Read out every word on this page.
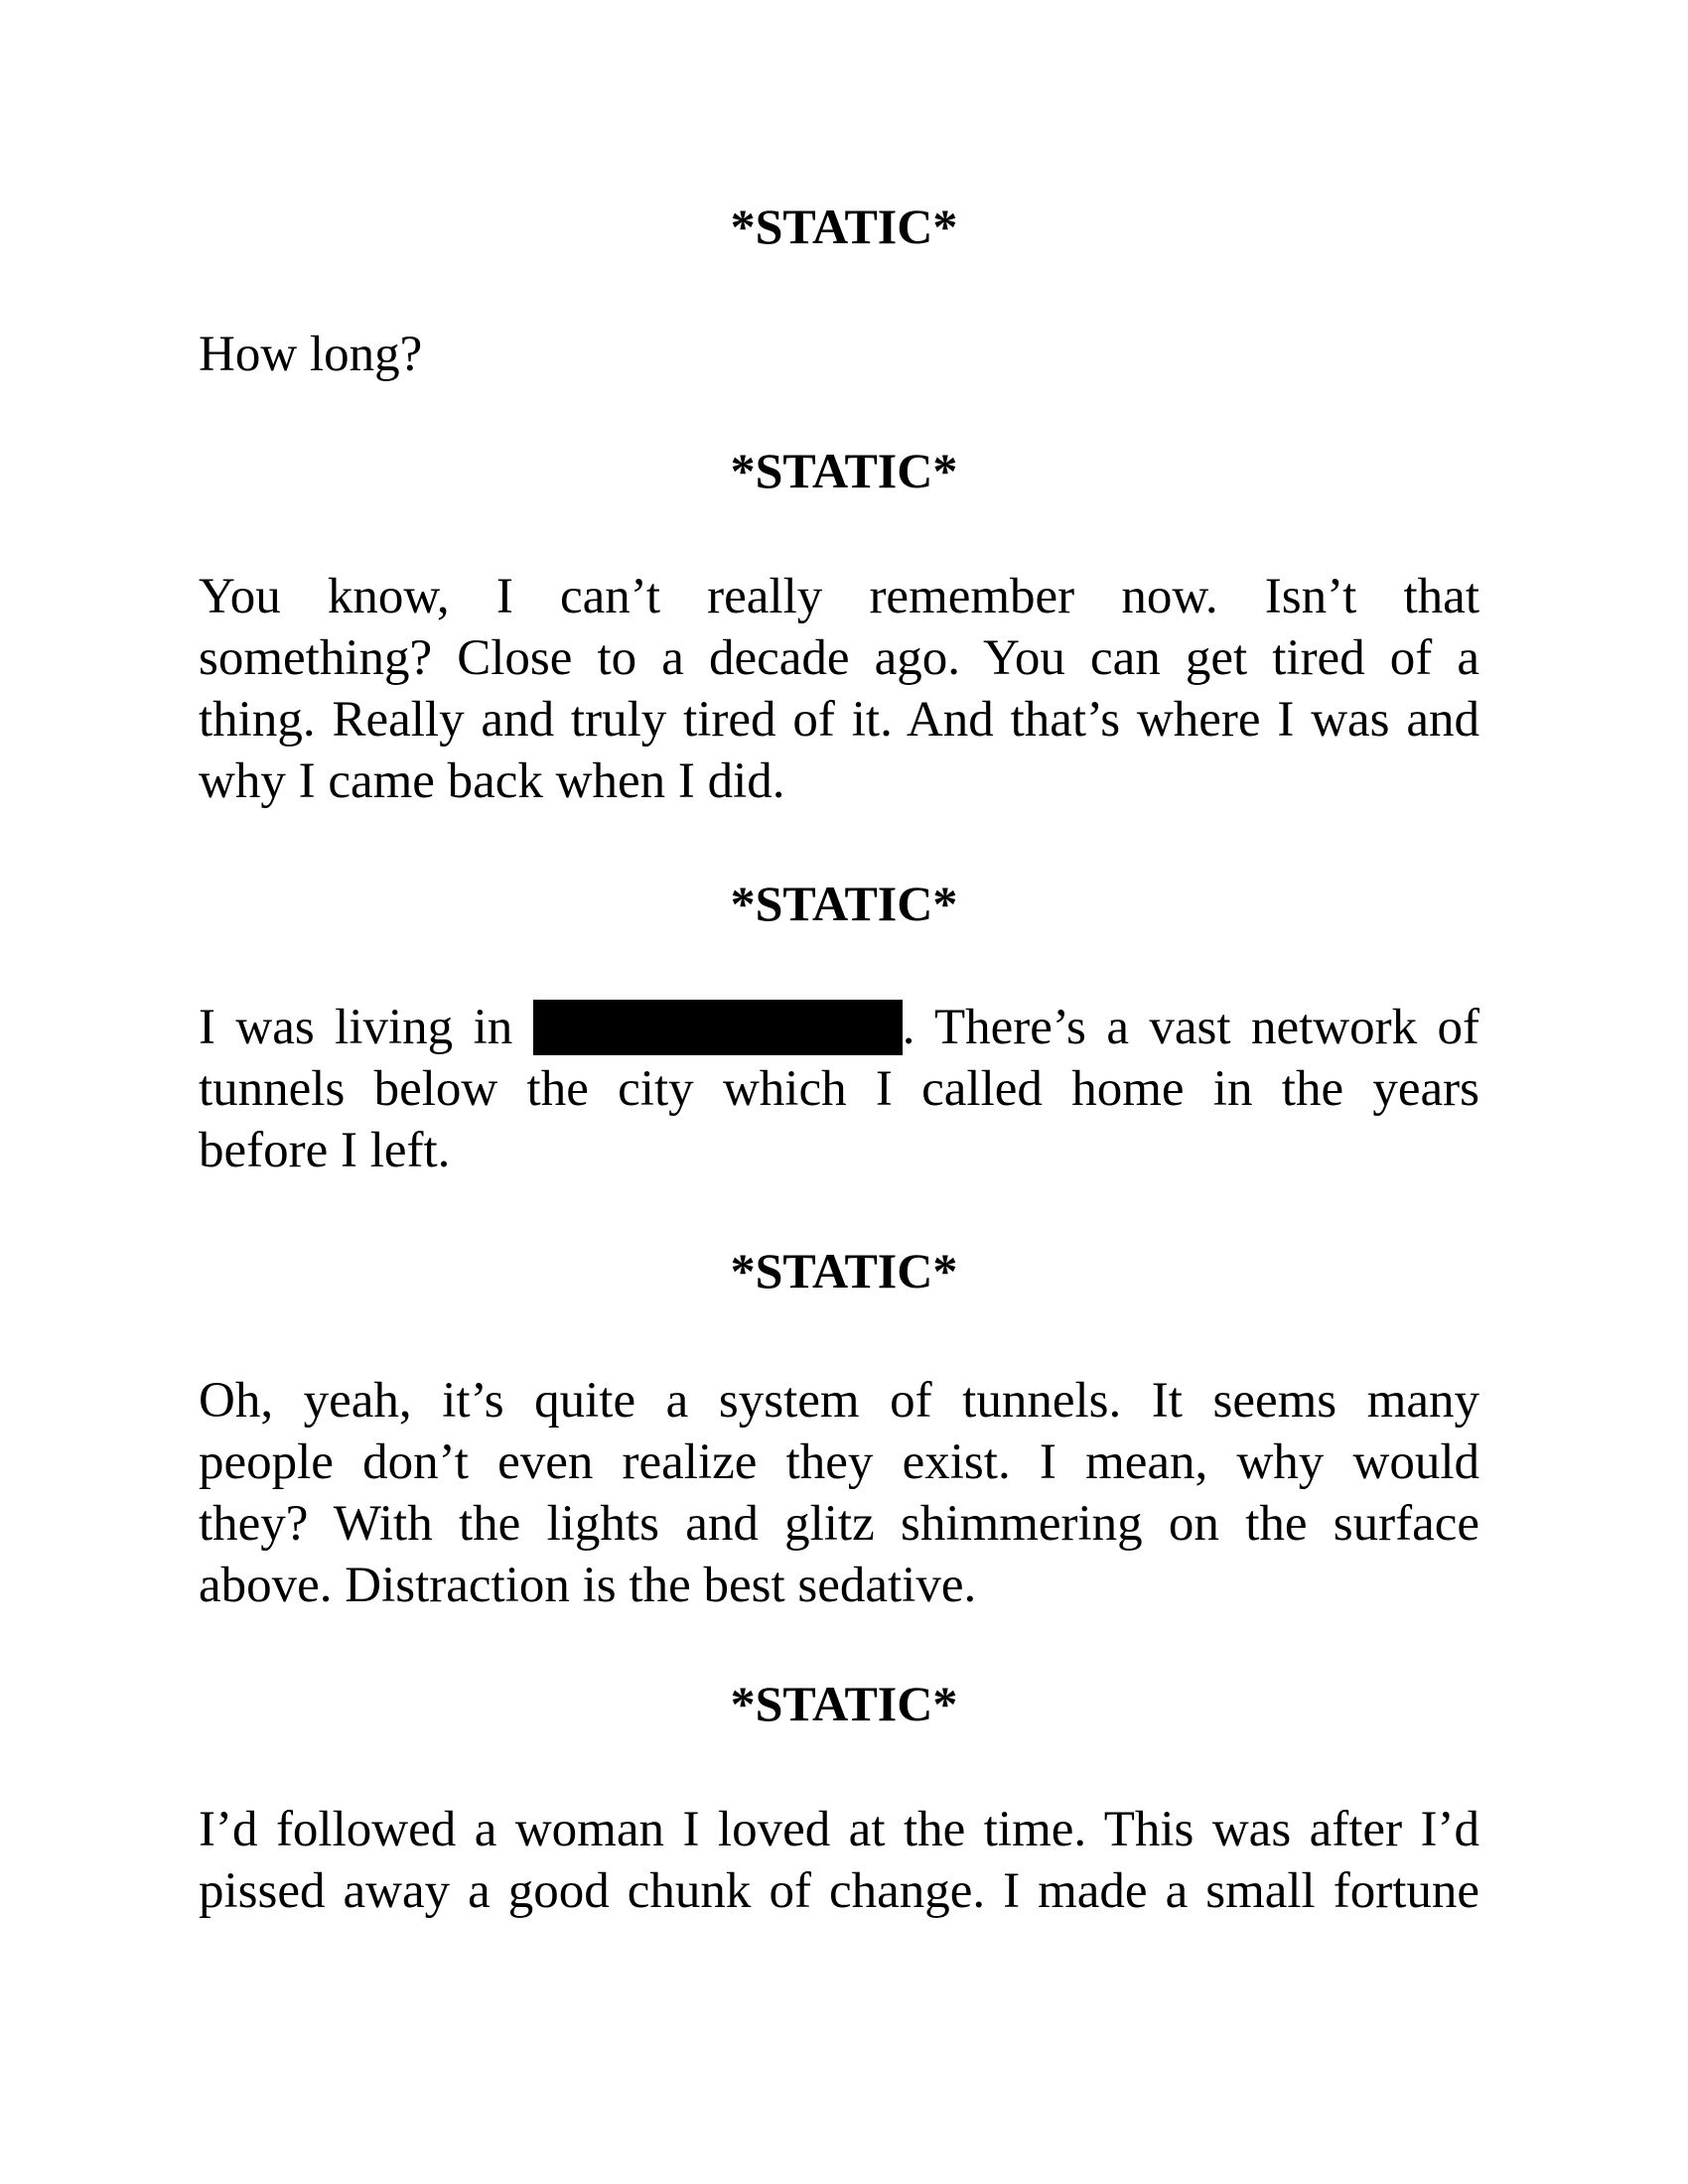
*STATIC*

How long?

*STATIC*

You know, I can’t really remember now. Isn’t that
something? Close to a decade ago. You can get tired of a
thing. Really and truly tired of it. And that’s where I was and
why I came back when I did.

*STATIC*

I was living in	. There’s a vast network of
tunnels below the city which I called home in the years
before I left.

*STATIC*

Oh, yeah, it’s quite a system of tunnels. It seems many
people don’t even realize they exist. I mean, why would
they? With the lights and glitz shimmering on the surface
above. Distraction is the best sedative.

*STATIC*

I’d followed a woman I loved at the time. This was after I’d
pissed away a good chunk of change. I made a small fortune
